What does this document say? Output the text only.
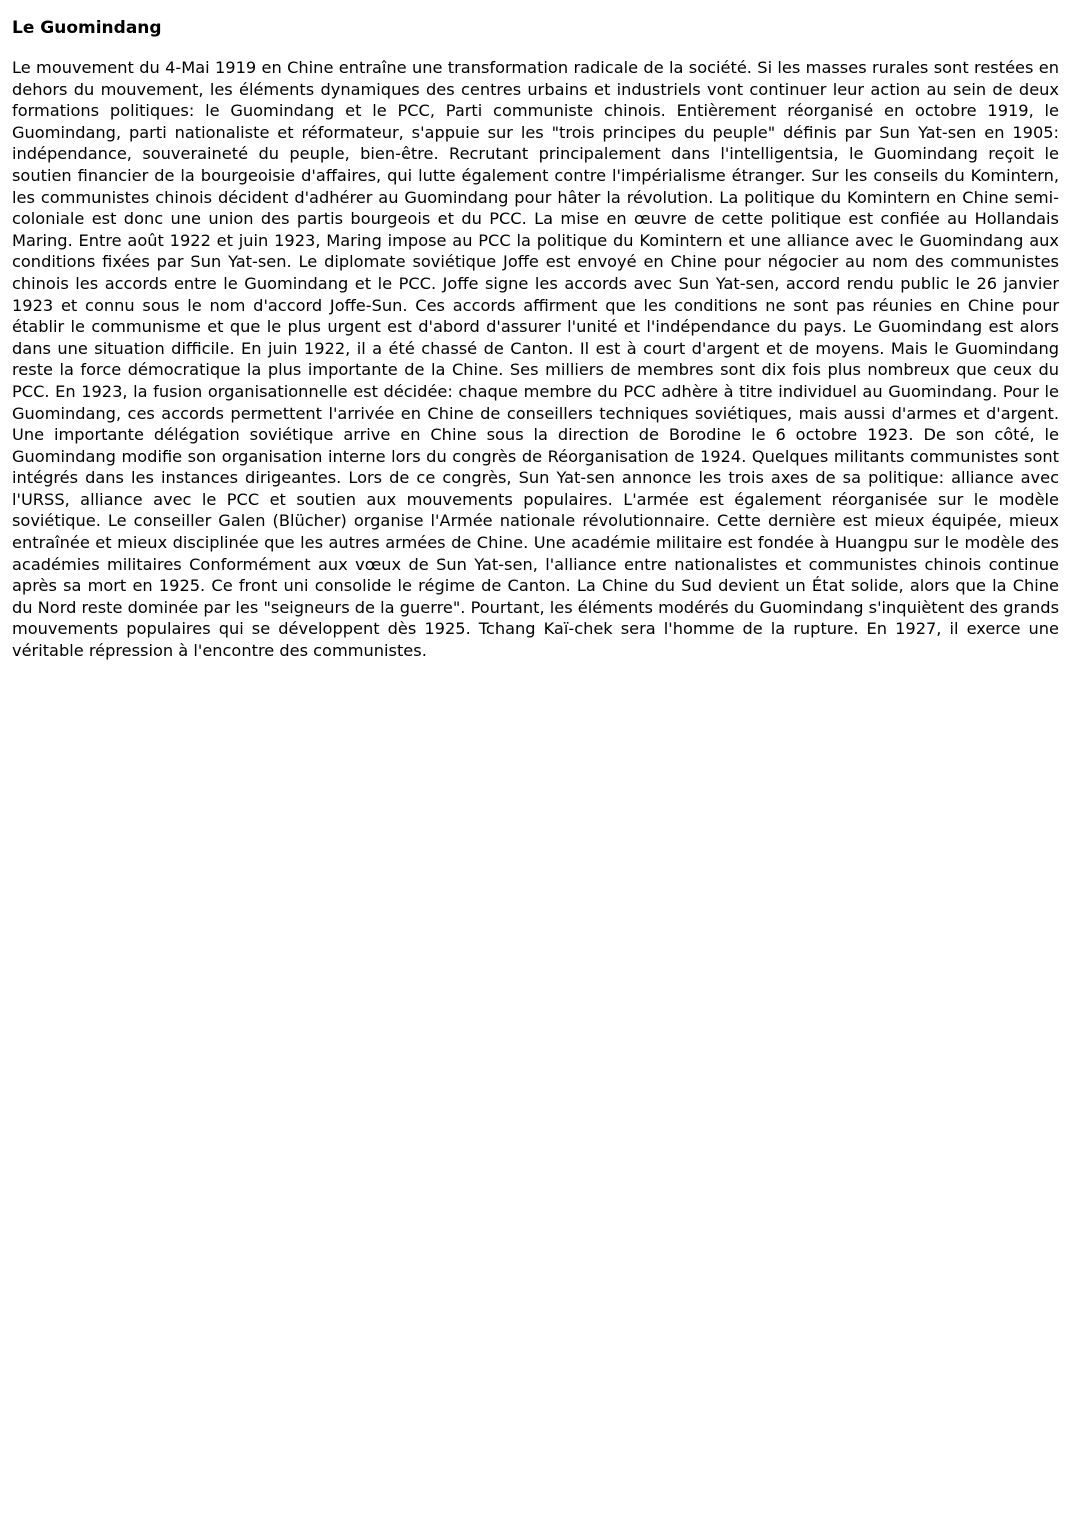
Le Guomindang

Le mouvement du 4-Mai 1919 en Chine entraîne une transformation radicale de la société. Si les masses rurales sont restées en dehors du mouvement, les éléments dynamiques des centres urbains et industriels vont continuer leur action au sein de deux formations politiques: le Guomindang et le PCC, Parti communiste chinois. Entièrement réorganisé en octobre 1919, le Guomindang, parti nationaliste et réformateur, s'appuie sur les "trois principes du peuple" définis par Sun Yat-sen en 1905: indépendance, souveraineté du peuple, bien-être. Recrutant principalement dans l'intelligentsia, le Guomindang reçoit le soutien financier de la bourgeoisie d'affaires, qui lutte également contre l'impérialisme étranger. Sur les conseils du Komintern, les communistes chinois décident d'adhérer au Guomindang pour hâter la révolution. La politique du Komintern en Chine semi-coloniale est donc une union des partis bourgeois et du PCC. La mise en œuvre de cette politique est confiée au Hollandais Maring. Entre août 1922 et juin 1923, Maring impose au PCC la politique du Komintern et une alliance avec le Guomindang aux conditions fixées par Sun Yat-sen. Le diplomate soviétique Joffe est envoyé en Chine pour négocier au nom des communistes chinois les accords entre le Guomindang et le PCC. Joffe signe les accords avec Sun Yat-sen, accord rendu public le 26 janvier 1923 et connu sous le nom d'accord Joffe-Sun. Ces accords affirment que les conditions ne sont pas réunies en Chine pour établir le communisme et que le plus urgent est d'abord d'assurer l'unité et l'indépendance du pays. Le Guomindang est alors dans une situation difficile. En juin 1922, il a été chassé de Canton. Il est à court d'argent et de moyens. Mais le Guomindang reste la force démocratique la plus importante de la Chine. Ses milliers de membres sont dix fois plus nombreux que ceux du PCC. En 1923, la fusion organisationnelle est décidée: chaque membre du PCC adhère à titre individuel au Guomindang. Pour le Guomindang, ces accords permettent l'arrivée en Chine de conseillers techniques soviétiques, mais aussi d'armes et d'argent. Une importante délégation soviétique arrive en Chine sous la direction de Borodine le 6 octobre 1923. De son côté, le Guomindang modifie son organisation interne lors du congrès de Réorganisation de 1924. Quelques militants communistes sont intégrés dans les instances dirigeantes. Lors de ce congrès, Sun Yat-sen annonce les trois axes de sa politique: alliance avec l'URSS, alliance avec le PCC et soutien aux mouvements populaires. L'armée est également réorganisée sur le modèle soviétique. Le conseiller Galen (Blücher) organise l'Armée nationale révolutionnaire. Cette dernière est mieux équipée, mieux entraînée et mieux disciplinée que les autres armées de Chine. Une académie militaire est fondée à Huangpu sur le modèle des académies militaires Conformément aux vœux de Sun Yat-sen, l'alliance entre nationalistes et communistes chinois continue après sa mort en 1925. Ce front uni consolide le régime de Canton. La Chine du Sud devient un État solide, alors que la Chine du Nord reste dominée par les "seigneurs de la guerre". Pourtant, les éléments modérés du Guomindang s'inquiètent des grands mouvements populaires qui se développent dès 1925. Tchang Kaï-chek sera l'homme de la rupture. En 1927, il exerce une véritable répression à l'encontre des communistes.
